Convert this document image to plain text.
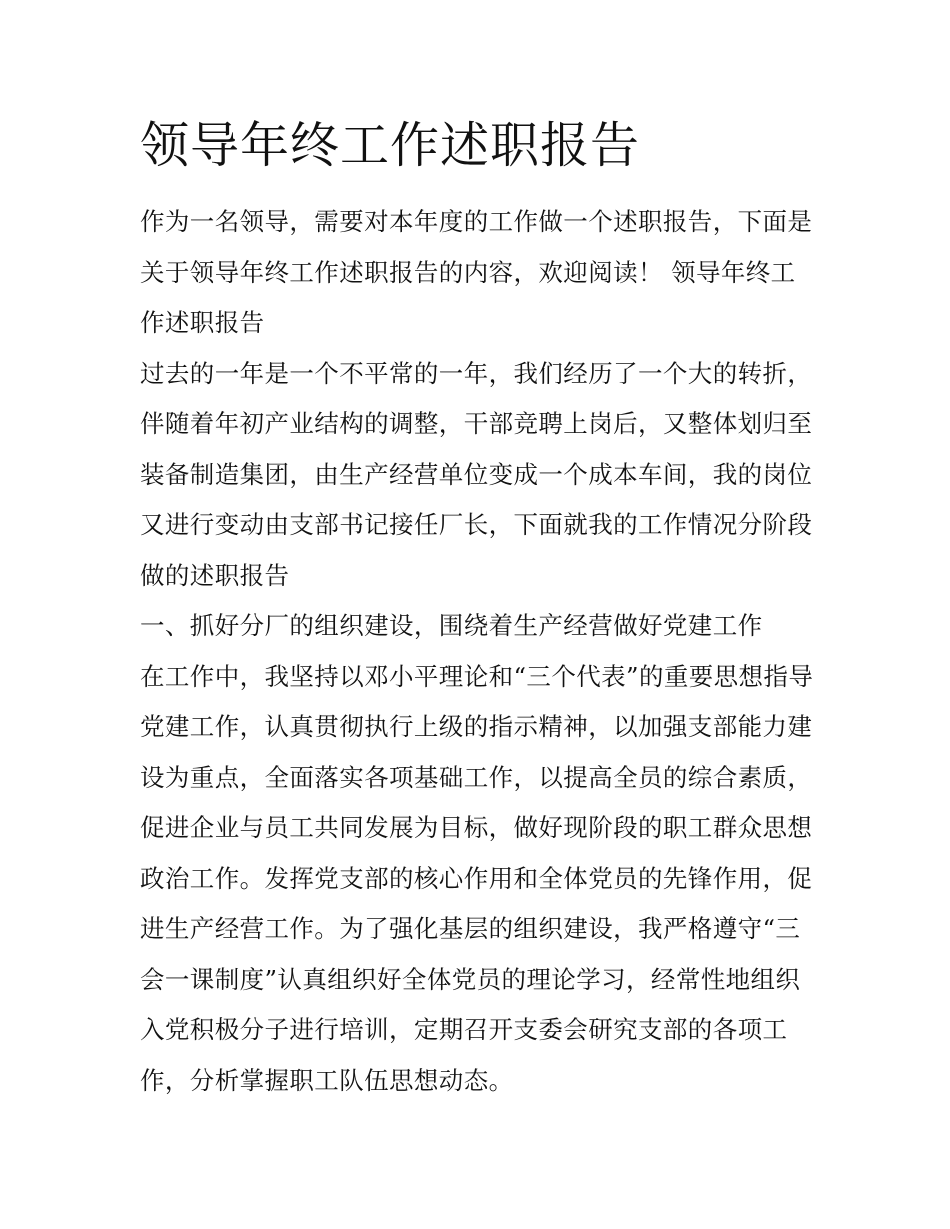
领导年终工作述职报告
作为一名领导，需要对本年度的工作做一个述职报告，下面是
关于领导年终工作述职报告的内容，欢迎阅读！ 领导年终工
作述职报告
过去的一年是一个不平常的一年，我们经历了一个大的转折，
伴随着年初产业结构的调整，干部竞聘上岗后，又整体划归至
装备制造集团，由生产经营单位变成一个成本车间，我的岗位
又进行变动由支部书记接任厂长，下面就我的工作情况分阶段
做的述职报告
一、抓好分厂的组织建设，围绕着生产经营做好党建工作
在工作中，我坚持以邓小平理论和“三个代表”的重要思想指导
党建工作，认真贯彻执行上级的指示精神，以加强支部能力建
设为重点，全面落实各项基础工作，以提高全员的综合素质，
促进企业与员工共同发展为目标，做好现阶段的职工群众思想
政治工作。发挥党支部的核心作用和全体党员的先锋作用，促
进生产经营工作。为了强化基层的组织建设，我严格遵守“三
会一课制度”认真组织好全体党员的理论学习，经常性地组织
入党积极分子进行培训，定期召开支委会研究支部的各项工
作，分析掌握职工队伍思想动态。
